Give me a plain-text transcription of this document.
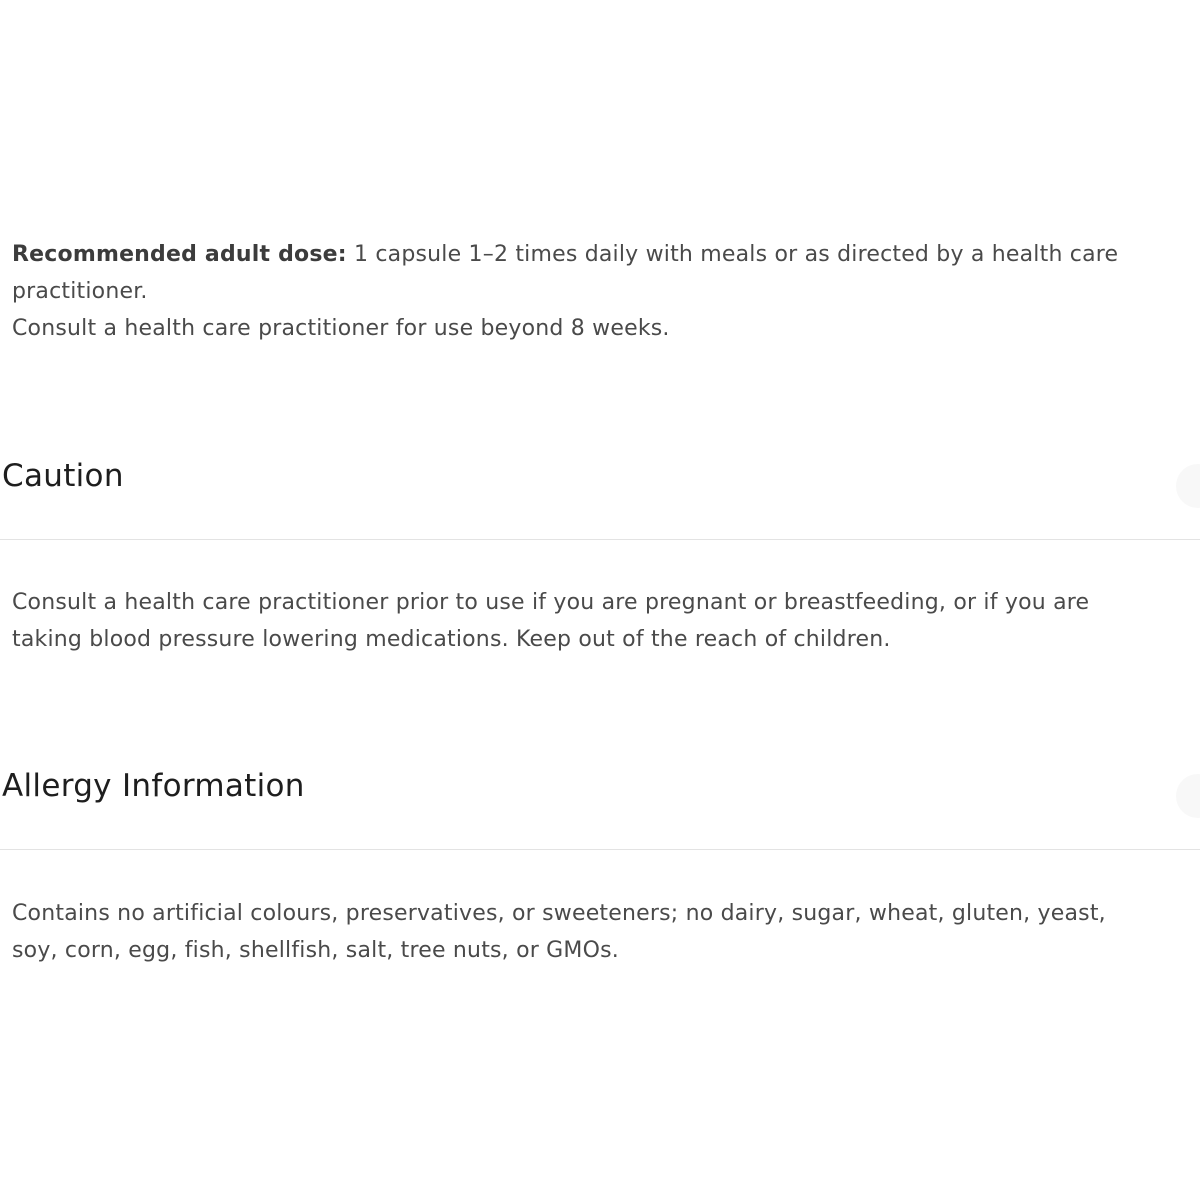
Recommended adult dose: 1 capsule 1–2 times daily with meals or as directed by a health care
practitioner.
Consult a health care practitioner for use beyond 8 weeks.
Caution
Consult a health care practitioner prior to use if you are pregnant or breastfeeding, or if you are
taking blood pressure lowering medications. Keep out of the reach of children.
Allergy Information
Contains no artificial colours, preservatives, or sweeteners; no dairy, sugar, wheat, gluten, yeast,
soy, corn, egg, fish, shellfish, salt, tree nuts, or GMOs.
